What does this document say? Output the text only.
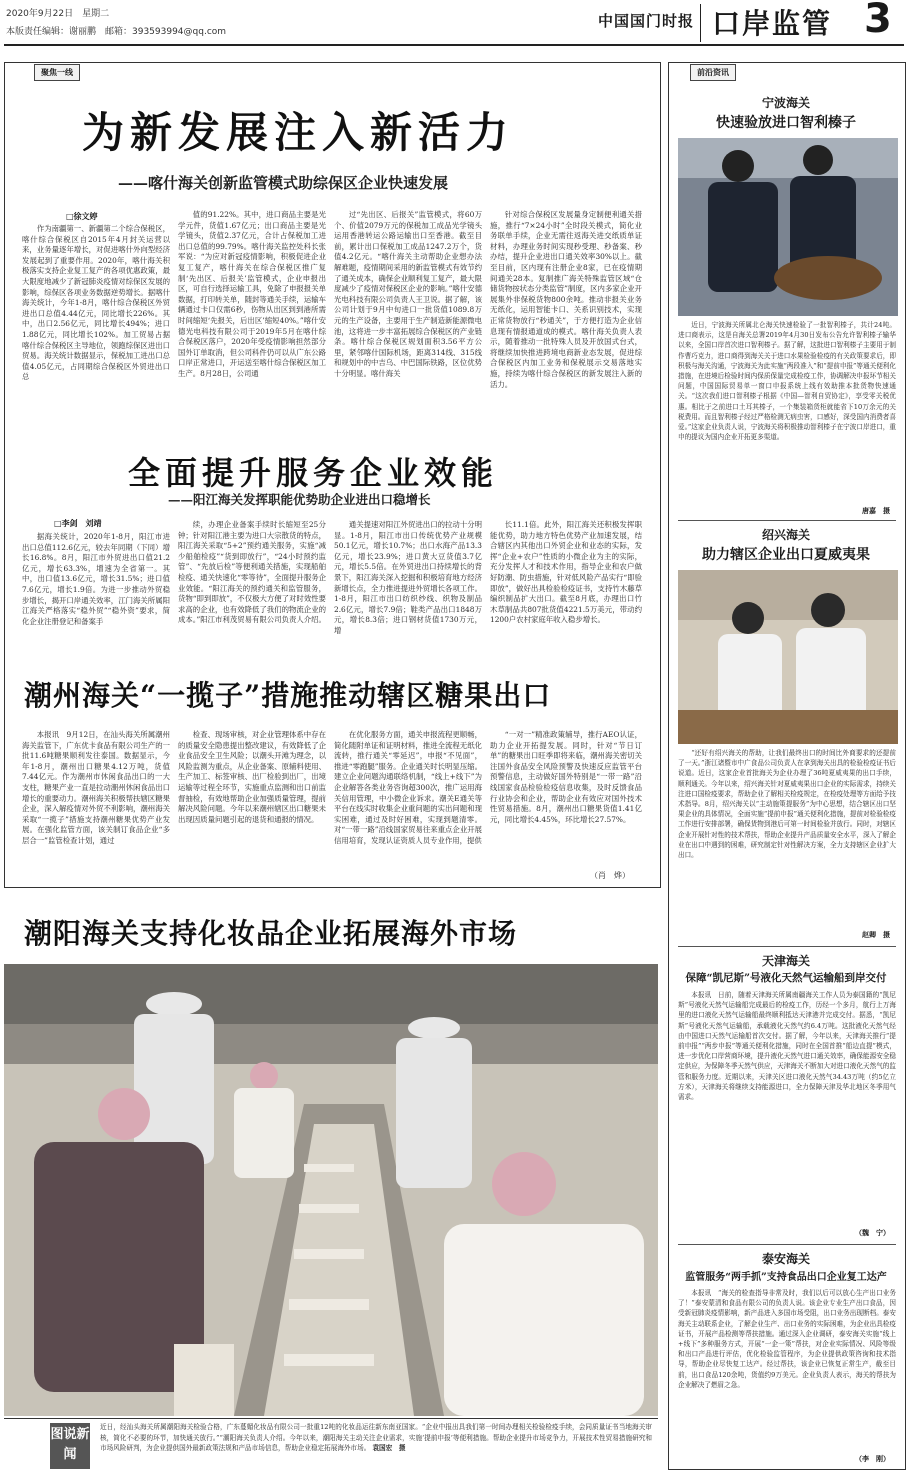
2020年9月22日　星期二
本版责任编辑：谢丽鹏　邮箱：393593994@qq.com
中国国门时报 口岸监管 3
聚焦一线
为新发展注入新活力
——喀什海关创新监管模式助综保区企业快速发展
□徐文婷

作为南疆第一、新疆第二个综合保税区，喀什综合保税区自2015年4月封关运营以来，业务量逐年增长，对促进喀什外向型经济发展起到了重要作用。2020年，喀什海关积极落实支持企业复工复产的各项优惠政策，最大限度地减少了新冠肺炎疫情对综保区发展的影响，综保区各项业务数据逆势增长。据喀什海关统计，今年1-8月，喀什综合保税区外贸进出口总值4.44亿元，同比增长226%。其中，出口2.56亿元，同比增长494%；进口1.88亿元，同比增长102%。加工贸易占据喀什综合保税区主导地位，领跑综保区进出口贸易。海关统计数据显示，保税加工进出口总值4.05亿元，占同期综合保税区外贸进出口总

值的91.22%。其中，进口商品主要是光学元件，货值1.67亿元；出口商品主要是光学镜头，货值2.37亿元，合计占保税加工进出口总值的99.79%。喀什海关监控处科长张军说：“为应对新冠疫情影响，积极促进企业复工复产，喀什海关在综合保税区推广复制‘先出区、后报关’监管模式，企业申报出区，可自行选择运输工具，免除了申报报关单数据，打印转关单，随封等通关手续，运输车辆通过卡口仅需6秒，伤物从出区到到港所需时间缩短‘先报关，后出区’缩短40%。”喀什安德光电科技有限公司于2019年5月在喀什综合保税区落户，2020年受疫情影响担然部分国外订单取消，但公司科件仍可以从广东公路口岸正常进口，开运送至喀什综合保税区加工生产。8月28日，公司通

过“先出区、后报关”监管模式，将60万个、价值2079万元的保税加工成品光学镜头运用香港转运公路运输出口至香港。截至目前，累计出口保税加工成品1247.2万个，货值4.2亿元。“喀什海关主动帮助企业想办法解难题，疫情期间采用的新监管模式有效节约了通关成本，确保企业顺利复工复产，最大限度减少了疫情对保税区企业的影响。”喀什安德光电科技有限公司负责人王卫说。据了解，该公司计划于9月中旬进口一批货值1089.8万元的生产设备，主要用于生产制造新能源微电池，这将进一步丰富拓展综合保税区的产业链条。喀什综合保税区规划面积3.56平方公里，紧邻喀什国际机场，距离314线、315线和规划中的中吉乌、中巴国际铁路，区位优势十分明显。喀什海关

针对综合保税区发展量身定制便利通关措施，推行“7×24小时”全时段关模式，简化业务联单手续，企业无需往返海关进交纸质单证材料，办理业务时间实现秒受理、秒备案、秒办结，提升企业进出口通关效率30%以上。截至目前，区内现有注册企业8家，已在疫情期间通关28本。复制推广海关特殊监管区域“仓储货物按状态分类监管”制度，区内多家企业开展集外非保税货物800余吨。推动非报关业务无纸化，运用智能卡口、关系识别技术，实现正常货物放行“秒通关”，于方便打造为企业信息现有情报通道成的模式。喀什海关负责人表示，随着推动一批特殊人员及开放国式台式，将继续加快推进跨境电商新业态发展，促进综合保税区内加工业务和保税展示交易落地实施，持续为喀什综合保税区的新发展注入新的活力。

全面提升服务企业效能
——阳江海关发挥职能优势助企业进出口稳增长
□李剑　刘靖

据海关统计，2020年1-8月，阳江市进出口总值112.6亿元，较去年同期（下同）增长16.8%。8月，阳江市外贸进出口值21.2亿元，增长63.3%，增速为全省第一。其中，出口值13.6亿元，增长31.5%；进口值7.6亿元，增长1.9倍。为进一步推动外贸稳步增长，揭开口岸通关效率，江门海关所属阳江海关严格落实“稳外贸”“稳外资”要求，简化企业注册登记和备案手

续，办理企业备案手续时长缩短至25分钟；针对阳江港主要为进口大宗散货的特点，阳江海关采取“5+2”预约通关服务，实施“减少船舶检疫”“货到即放行”，“24小时预约监管”、“先放后检”等便利通关措施，实现船舶检疫、通关快速化“零等待”，全面提升服务企业效能。“阳江海关的预约通关和监管服务，货物“即到即放”，不仅极大方便了对时效性要求高的企业，也有效降低了我们的物流企业的成本。”阳江市利茂贸易有限公司负责人介绍。

通关提速对阳江外贸进出口的拉动十分明显。1-8月，阳江市出口传统优势产业规模50.1亿元，增长10.7%；出口水海产品13.3亿元，增长23.9%；进口黄大豆货值3.7亿元，增长5.5倍。在外贸进出口持续增长的背景下，阳江海关深入挖掘和积极培育地方经济新增长点，全力推进提进外贸增长各项工作。1-8月，阳江市出口纺织纱线、织物及制品2.6亿元，增长7.9倍；鞋类产品出口1848万元，增长8.3倍；进口钢材货值1730万元，增

长11.1倍。此外，阳江海关还积极发挥职能优势，助力地方特色优势产业加速发展，结合辖区内其他出口外贸企业和业态的实际，发挥“企业+农户”性质的小微企业为主的实际，充分发挥人才和技术作用，指导企业和农户做好防潮、防虫措施，针对低风险产品实行“即验即放”，做好出具检验检疫证书，支持竹木藤草编织制品扩大出口。截至8月底，办理出口竹木草制品共807批货值4221.5万美元，带动约1200户农村家庭年收入稳步增长。

潮州海关“一揽子”措施推动辖区糖果出口

本报讯　9月12日，在汕头海关所属潮州海关监管下，广东优卡食品有限公司生产的一批11.6吨糖果顺利发往泰国。数据显示，今年1-8月，潮州出口糖果4.12万吨，货值7.44亿元。作为潮州市休闲食品出口的一大支柱，糖果产业一直是拉动潮州休闲食品出口增长的重要动力。潮州海关积极帮扶辖区糖果企业，深入解疫情对外贸不利影响，潮州海关采取“一揽子”措施支持潮州糖果优势产业发展。在强化监管方面，该关制订食品企业“多层合一”监管检查计划，通过

检查、现场审核，对企业管理体系中存在的质量安全隐患提出整改建议，有效降低了企业食品安全卫生风险；以潮头开滩为理念，以风险监测为重点，从企业备案、原辅料使用、生产加工、标签审核、出厂检验到出厂，出境运输等过程全环节，实施重点监测和出口前监督抽检，有效地帮助企业加强质量管理，提前解决风险问题。今年以来潮州辖区出口糖果未出现因质量问题引起的退货和通报的情况。

在优化服务方面，通关申报流程更顺畅，简化随附单证和证明材料，推进全流程无纸化流转，推行通关“零延迟”，申报“不见面”，推进“零跑腿”服务。企业通关时长明显压缩。建立企业问题沟通联络机制，“线上+线下”为企业解答各类业务咨询超300次，推广运用海关信用管理，中小微企业诉求。潮关E通关等平台在线实时收集企业重问题的实出问题和现实困难，通过及时好困难，实现到题清零。对“一带一路”沿线国家贸易往来重点企业开展信用培育，发现认证资质人员专业作用，提供

“一对一”精准政策辅导，推行AEO认证，助力企业开拓提发展。同时，针对“节日订单”的糖果出口旺季即将来临，潮州海关密切关注国外食品安全风险预警及快速反应监管平台预警信息，主动做好国外特别是“一带一路”沿线国家食品检验检疫信息收集，及时反馈食品行业协会和企业，帮助企业有效应对国外技术性贸易措施。8月，潮州出口糖果货值1.41亿元，同比增长4.45%，环比增长27.57%。

（肖　烨）
潮阳海关支持化妆品企业拓展海外市场
图说新闻
近日，经汕头海关所属潮阳海关检验合格，广东蔓媚化妆品有限公司一批重12吨的化妆品运往新东南亚国家。“企业中报出具我们第一时间办理相关检验检疫手续，会同质量证书当地海关审核，简化不必要的环节，加快通关放行。”“潮阳海关负责人介绍。今年以来，潮阳海关主动关注企业需求，实施‘提前申报’等便利措施。帮助企业提升市场竞争力，开展技术性贸易措施研究和市场风险研判，为企业提供国外最新政策法规和产品市场信息，帮助企业稳定拓展海外市场。 袁国宏　摄
前沿资讯
宁波海关
快速验放进口智利榛子

近日，宁波海关所属北仑海关快速检验了一批智利榛子，共计24吨。进口商表示，这是自海关总署2019年4月30日发布公告允许智利榛子输华以来，全国口岸首次进口智利榛子。据了解，这批进口智利榛子主要用于制作曹巧克力，进口商得到海关关于进口水果检验检疫的有关政策要求后，即积极与海关沟通，宁波海关为此实施“两段准入”和“提前申报”等通关便利化措施，在进境后检验时间内保质保量完成检疫工作，协调解决申报环节相关问题，中国国际贸易单一窗口申报系统上线有效助推本批货物快速通关。“这次我们进口智利榛子根据《中国—智利自贸协定》，享受零关税优惠。相比于之前进口土耳其榛子，一个集装箱货柜就能省下10万余元的关税费用。而且智利榛子经过严格检测无病虫害，口感好，深受国内消费者喜爱。”这家企业负责人说，宁波海关将积极推动智利榛子在宁波口岸进口，重申的提议为国内企业开拓更多渠道。

唐嘉　摄
绍兴海关
助力辖区企业出口夏威夷果

“还好有绍兴海关的帮助，让我们最终出口的时间比外商要求的还提前了一天。”浙江诸暨市中广食品公司负责人在拿到海关出具的检验检疫证书后说道。近日，这家企业首批海关为企业办理了36吨夏威夷果的出口手续，顺利通关。今年以来，绍兴海关针对夏威夷果出口企业的实际需求，持续关注进口国检疫要求，帮助企业了解相关检疫规定，在检疫处理等方面给予技术指导。8月，绍兴海关以“主动施策提服务”为中心思想，结合辖区出口坚果企业的具体情况，全面实施“提前申报”通关便利化措施，提前对检验检疫工作进行安排部署，确保货物到港后可第一时间检验并放行。同时，对辖区企业开展针对性的技术帮扶，帮助企业提升产品质量安全水平，深入了解企业在出口中遇到的困难，研究制定针对性解决方案，全力支持辖区企业扩大出口。

赵卿　摄
天津海关
保障“凯尼斯”号液化天然气运输船到岸交付

本报讯　日前，随着天津海关所属南疆海关工作人员为泰国籍的“凯尼斯”号液化天然气运输船完成最后的检疫工作，历经一个多月，航行上万海里的进口液化天然气运输船最终顺利抵达天津港并完成交付。据悉，“凯尼斯”号液化天然气运输船，承载液化天然气约6.4万吨。这批液化天然气经由中国进口天然气运输船首次交付。据了解，今年以来，天津海关推行“提前申报”“两步申报”等通关便利化措施，同时在全国首推“船边直提”模式，进一步优化口岸营商环境，提升液化天然气进口通关效率，确保能源安全稳定供应，为保障冬季天然气供应，天津海关不断加大对进口液化天然气的监管和服务力度。近期以来，天津关区进口液化天然气34.43万吨（约5亿立方米），天津海关将继续支持能源进口，全力保障天津及华北地区冬季用气需求。

（魏　宁）
泰安海关
监管服务“两手抓”支持食品出口企业复工达产

本报讯　“海关的检查指导非常及时，我们以后可以放心生产出口业务了！”泰安蒙清和食品有限公司的负责人说。该企业专业生产出口食品，因受新冠肺炎疫情影响，新产品进入多国市场受阻，出口业务出现断档。泰安海关主动联系企业，了解企业生产、出口业务的实际困难，为企业出具检疫证书，开展产品检测等帮扶措施。通过深入企业调研，泰安海关实施“线上+线下”多种服务方式，开展“一企一策”帮扶，对企业实际情况、风险等级和出口产品进行评估，优化检验监管程序，为企业提供政策咨询和技术指导，帮助企业尽快复工达产。经过帮扶，该企业已恢复正常生产，截至目前，出口食品120余吨，货值约9万美元。企业负责人表示，海关的帮扶为企业解决了燃眉之急。

（李　刚）
